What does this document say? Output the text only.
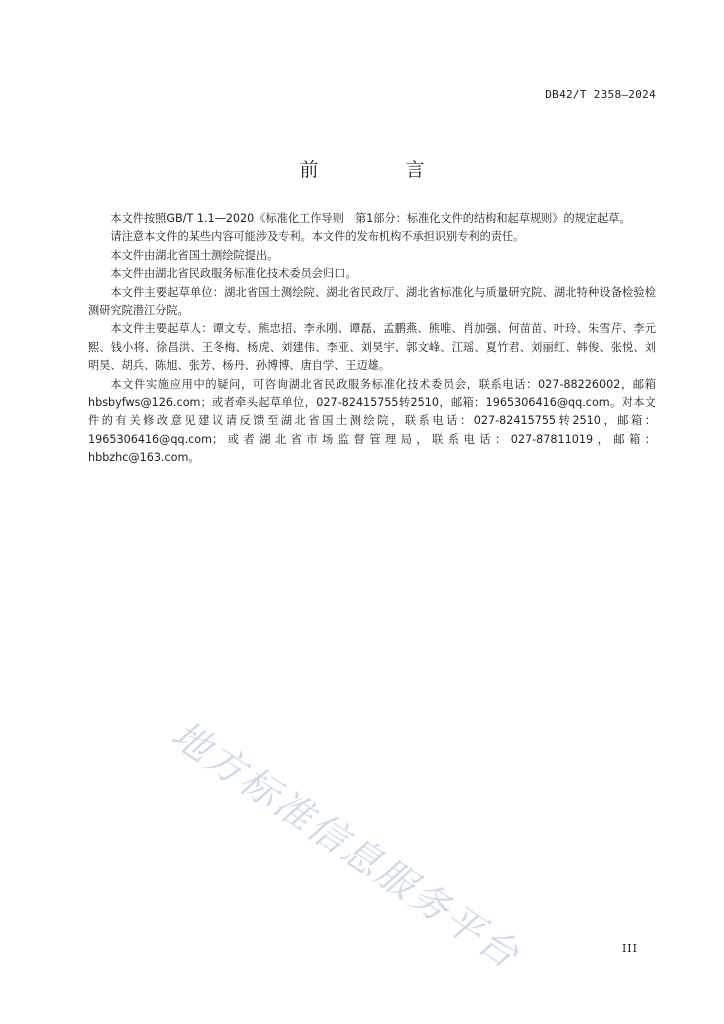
DB42/T 2358—2024
前　言

本文件按照GB/T 1.1—2020《标准化工作导则　第1部分：标准化文件的结构和起草规则》的规定起草。

请注意本文件的某些内容可能涉及专利。本文件的发布机构不承担识别专利的责任。

本文件由湖北省国土测绘院提出。

本文件由湖北省民政服务标准化技术委员会归口。

本文件主要起草单位：湖北省国土测绘院、湖北省民政厅、湖北省标准化与质量研究院、湖北特种设备检验检测研究院潜江分院。

本文件主要起草人：谭文专、熊忠招、李永刚、谭磊、孟鹏燕、熊唯、肖加强、何苗苗、叶玲、朱雪芹、李元熙、钱小将、徐昌洪、王冬梅、杨虎、刘建伟、李亚、刘昊宇、郭文峰、江瑶、夏竹君、刘丽红、韩俊、张悦、刘明昊、胡兵、陈旭、张芳、杨丹、孙博博、唐自学、王迈雄。

本文件实施应用中的疑问，可咨询湖北省民政服务标准化技术委员会，联系电话：027-88226002，邮箱hbsbyfws@126.com；或者牵头起草单位，027-82415755转2510，邮箱：1965306416@qq.com。对本文件的有关修改意见建议请反馈至湖北省国土测绘院，联系电话：027-82415755转2510，邮箱：1965306416@qq.com；或者湖北省市场监督管理局，联系电话：027-87811019，邮箱：hbbzhc@163.com。

地方标准信息服务平台	III
